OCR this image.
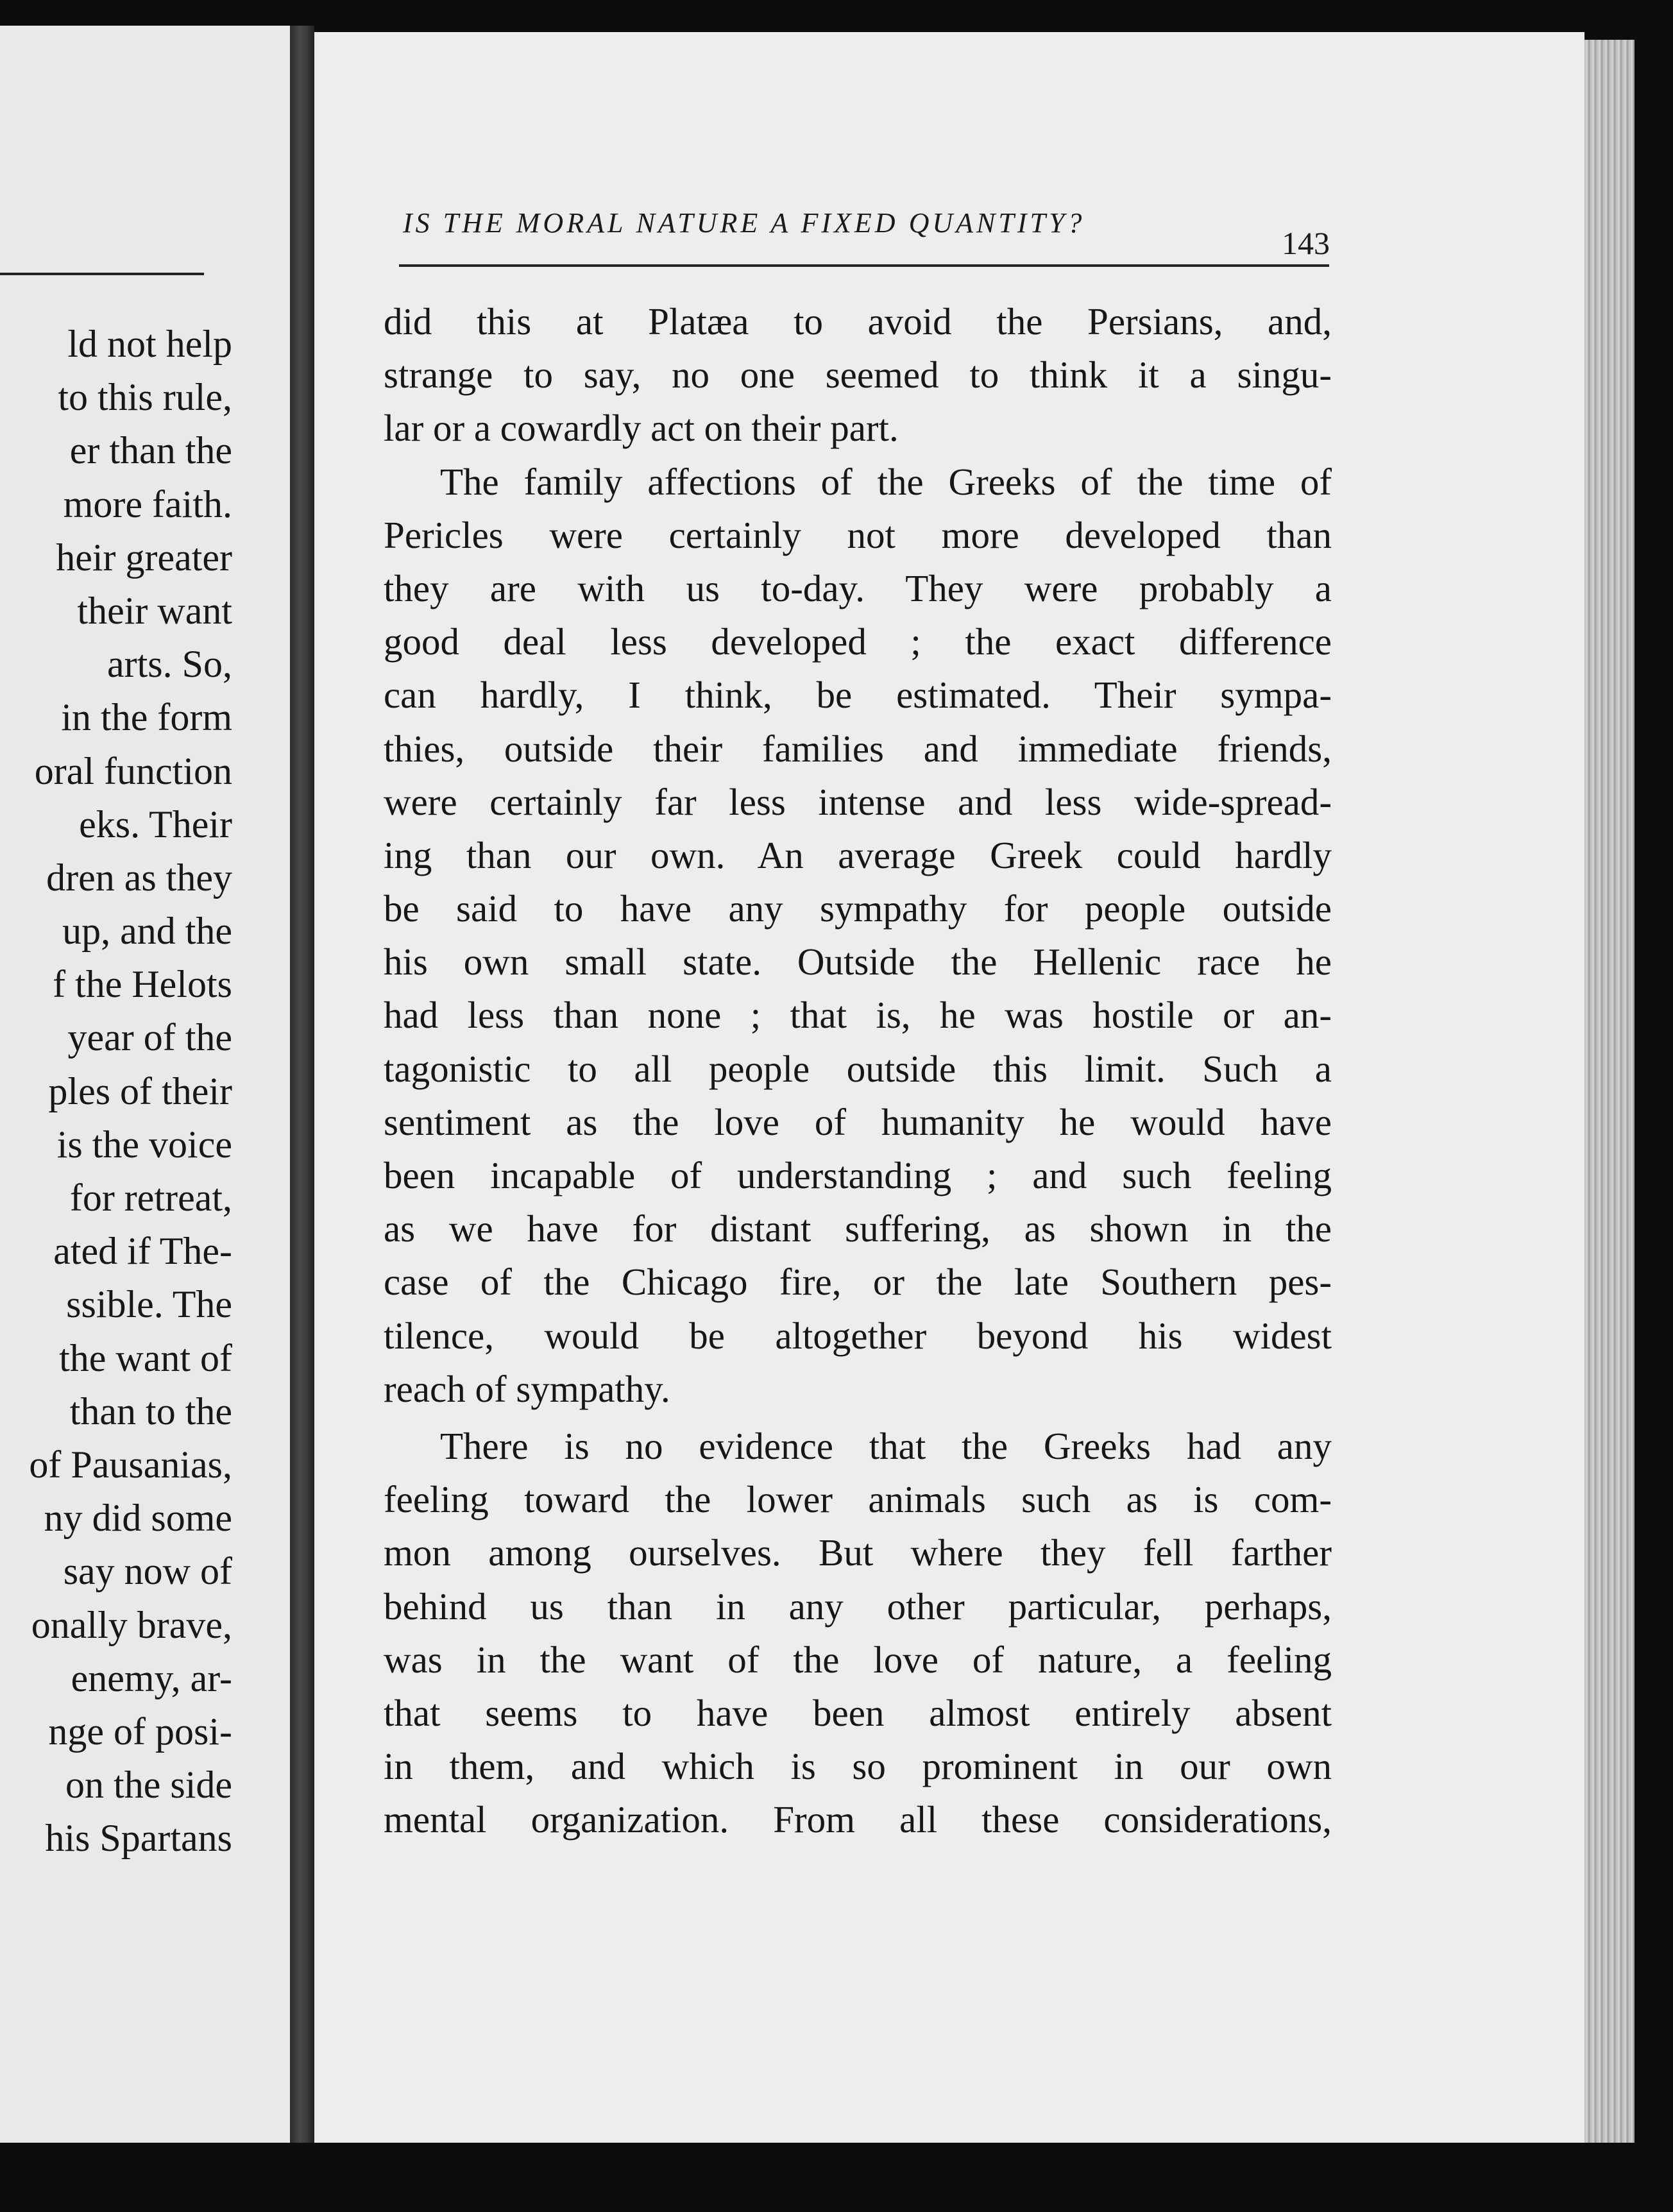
ld not help
to this rule,
er than the
more faith.
heir greater
their want
arts. So,
in the form
oral function
eks. Their
dren as they
up, and the
f the Helots
year of the
ples of their
is the voice
for retreat,
ated if The-
ssible. The
the want of
than to the
of Pausanias,
ny did some
say now of
onally brave,
enemy, ar-
nge of posi-
on the side
his Spartans
IS THE MORAL NATURE A FIXED QUANTITY?
143
did this at Platæa to avoid the Persians, and,
strange to say, no one seemed to think it a singu-
lar or a cowardly act on their part.
The family affections of the Greeks of the time of
Pericles were certainly not more developed than
they are with us to-day. They were probably a
good deal less developed ; the exact difference
can hardly, I think, be estimated. Their sympa-
thies, outside their families and immediate friends,
were certainly far less intense and less wide-spread-
ing than our own. An average Greek could hardly
be said to have any sympathy for people outside
his own small state. Outside the Hellenic race he
had less than none ; that is, he was hostile or an-
tagonistic to all people outside this limit. Such a
sentiment as the love of humanity he would have
been incapable of understanding ; and such feeling
as we have for distant suffering, as shown in the
case of the Chicago fire, or the late Southern pes-
tilence, would be altogether beyond his widest
reach of sympathy.
There is no evidence that the Greeks had any
feeling toward the lower animals such as is com-
mon among ourselves. But where they fell farther
behind us than in any other particular, perhaps,
was in the want of the love of nature, a feeling
that seems to have been almost entirely absent
in them, and which is so prominent in our own
mental organization. From all these considerations,
